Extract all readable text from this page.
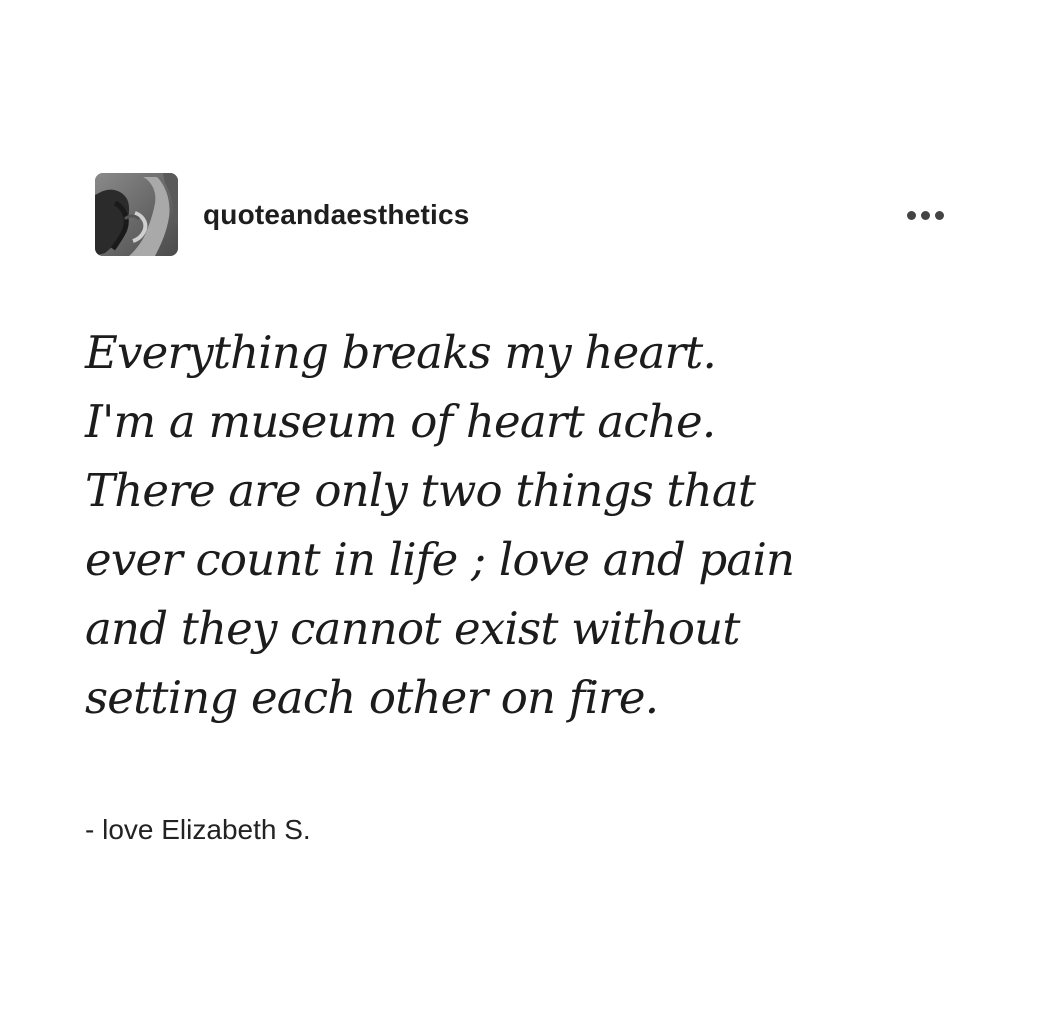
quoteandaesthetics
Everything breaks my heart.
I'm a museum of heart ache.
There are only two things that
ever count in life ; love and pain
and they cannot exist without
setting each other on fire.
- love Elizabeth S.
